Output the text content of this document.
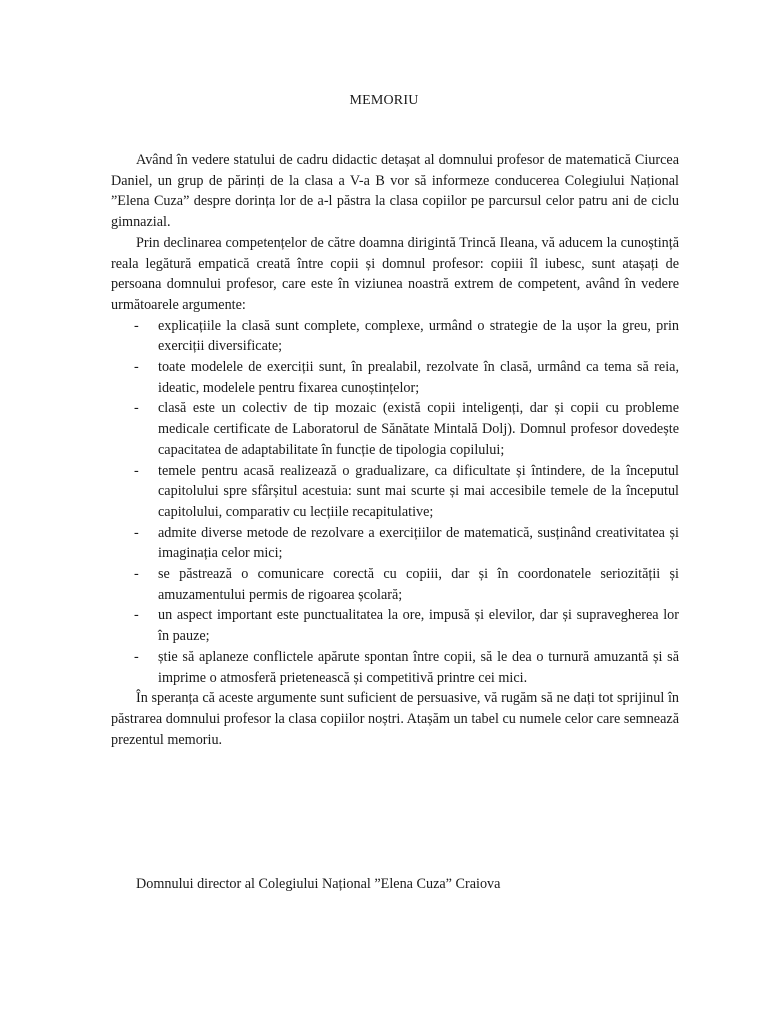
MEMORIU

Având în vedere statului de cadru didactic detașat al domnului profesor de matematică Ciurcea Daniel, un grup de părinți de la clasa a V-a B vor să informeze conducerea Colegiului Național ”Elena Cuza” despre dorința lor de a-l păstra la clasa copiilor pe parcursul celor patru ani de ciclu gimnazial.

Prin declinarea competențelor de către doamna dirigintă Trincă Ileana, vă aducem la cunoștință reala legătură empatică creată între copii și domnul profesor: copiii îl iubesc, sunt atașați de persoana domnului profesor, care este în viziunea noastră extrem de competent, având în vedere următoarele argumente:

- explicațiile la clasă sunt complete, complexe, urmând o strategie de la ușor la greu, prin exerciții diversificate;
- toate modelele de exerciții sunt, în prealabil, rezolvate în clasă, urmând ca tema să reia, ideatic, modelele pentru fixarea cunoștințelor;
- clasă este un colectiv de tip mozaic (există copii inteligenți, dar și copii cu probleme medicale certificate de Laboratorul de Sănătate Mintală Dolj). Domnul profesor dovedește capacitatea de adaptabilitate în funcție de tipologia copilului;
- temele pentru acasă realizează o gradualizare, ca dificultate și întindere, de la începutul capitolului spre sfârșitul acestuia: sunt mai scurte și mai accesibile temele de la începutul capitolului, comparativ cu lecțiile recapitulative;
- admite diverse metode de rezolvare a exercițiilor de matematică, susținând creativitatea și imaginația celor mici;
- se păstrează o comunicare corectă cu copiii, dar și în coordonatele seriozității și amuzamentului permis de rigoarea școlară;
- un aspect important este punctualitatea la ore, impusă și elevilor, dar și supravegherea lor în pauze;
- știe să aplaneze conflictele apărute spontan între copii, să le dea o turnură amuzantă și să imprime o atmosferă prietenească și competitivă printre cei mici.

În speranța că aceste argumente sunt suficient de persuasive, vă rugăm să ne dați tot sprijinul în păstrarea domnului profesor la clasa copiilor noștri. Atașăm un tabel cu numele celor care semnează prezentul memoriu.

Domnului director al Colegiului Național ”Elena Cuza” Craiova
